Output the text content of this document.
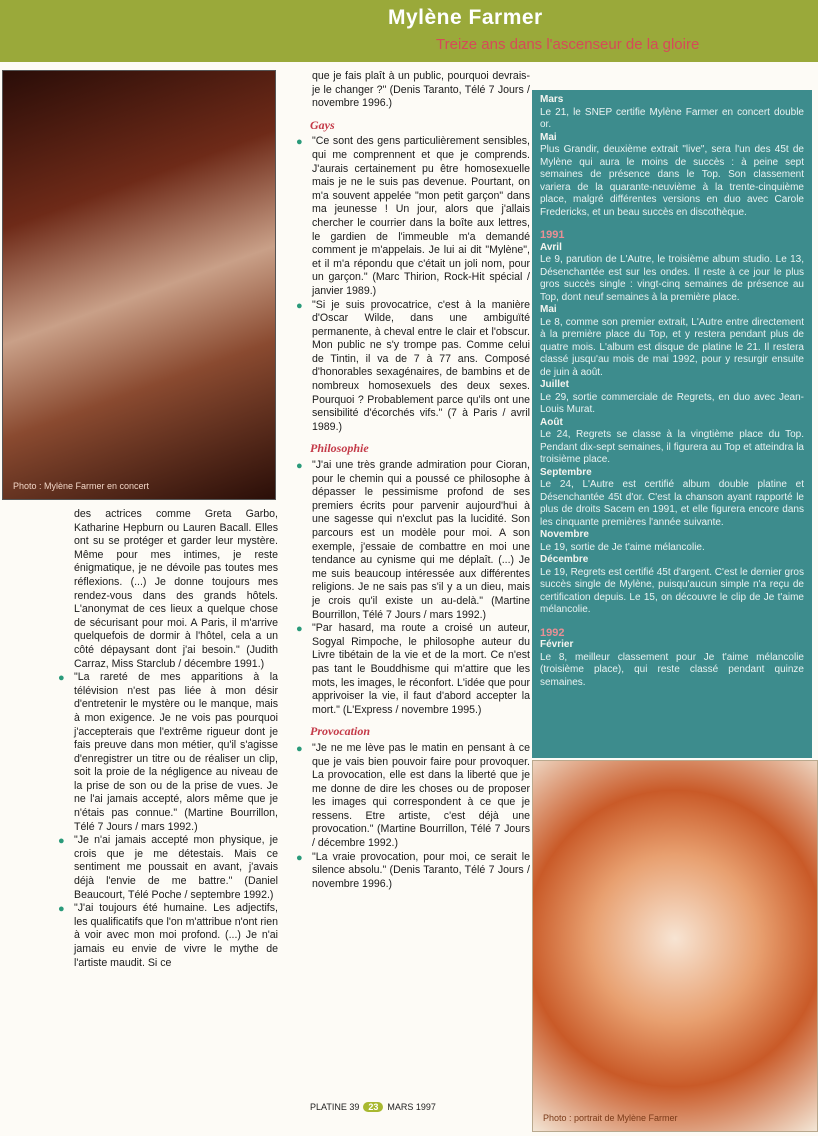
Mylène Farmer
Treize ans dans l'ascenseur de la gloire
Photo : Mylène Farmer en concert

que je fais plaît à un public, pourquoi devrais-je le changer ?" (Denis Taranto, Télé 7 Jours / novembre 1996.)

Gays
● "Ce sont des gens particulièrement sensibles, qui me comprennent et que je comprends. J'aurais certainement pu être homosexuelle mais je ne le suis pas devenue. Pourtant, on m'a souvent appelée "mon petit garçon" dans ma jeunesse ! Un jour, alors que j'allais chercher le courrier dans la boîte aux lettres, le gardien de l'immeuble m'a demandé comment je m'appelais. Je lui ai dit "Mylène", et il m'a répondu que c'était un joli nom, pour un garçon." (Marc Thirion, Rock-Hit spécial / janvier 1989.)

● "Si je suis provocatrice, c'est à la manière d'Oscar Wilde, dans une ambiguïté permanente, à cheval entre le clair et l'obscur. Mon public ne s'y trompe pas. Comme celui de Tintin, il va de 7 à 77 ans. Composé d'honorables sexagénaires, de bambins et de nombreux homosexuels des deux sexes. Pourquoi ? Probablement parce qu'ils ont une sensibilité d'écorchés vifs." (7 à Paris / avril 1989.)

Philosophie
● "J'ai une très grande admiration pour Cioran, pour le chemin qui a poussé ce philosophe à dépasser le pessimisme profond de ses premiers écrits pour parvenir aujourd'hui à une sagesse qui n'exclut pas la lucidité. Son parcours est un modèle pour moi. A son exemple, j'essaie de combattre en moi une tendance au cynisme qui me déplaît. (...) Je me suis beaucoup intéressée aux différentes religions. Je ne sais pas s'il y a un dieu, mais je crois qu'il existe un au-delà." (Martine Bourrillon, Télé 7 Jours / mars 1992.)

● "Par hasard, ma route a croisé un auteur, Sogyal Rimpoche, le philosophe auteur du Livre tibétain de la vie et de la mort. Ce n'est pas tant le Bouddhisme qui m'attire que les mots, les images, le réconfort. L'idée que pour apprivoiser la vie, il faut d'abord accepter la mort." (L'Express / novembre 1995.)

Provocation
● "Je ne me lève pas le matin en pensant à ce que je vais bien pouvoir faire pour provoquer. La provocation, elle est dans la liberté que je me donne de dire les choses ou de proposer les images qui correspondent à ce que je ressens. Etre artiste, c'est déjà une provocation." (Martine Bourrillon, Télé 7 Jours / décembre 1992.)

● "La vraie provocation, pour moi, ce serait le silence absolu." (Denis Taranto, Télé 7 Jours / novembre 1996.)

des actrices comme Greta Garbo, Katharine Hepburn ou Lauren Bacall. Elles ont su se protéger et garder leur mystère. Même pour mes intimes, je reste énigmatique, je ne dévoile pas toutes mes réflexions. (...) Je donne toujours mes rendez-vous dans des grands hôtels. L'anonymat de ces lieux a quelque chose de sécurisant pour moi. A Paris, il m'arrive quelquefois de dormir à l'hôtel, cela a un côté dépaysant dont j'ai besoin." (Judith Carraz, Miss Starclub / décembre 1991.)

● "La rareté de mes apparitions à la télévision n'est pas liée à mon désir d'entretenir le mystère ou le manque, mais à mon exigence. Je ne vois pas pourquoi j'accepterais que l'extrême rigueur dont je fais preuve dans mon métier, qu'il s'agisse d'enregistrer un titre ou de réaliser un clip, soit la proie de la négligence au niveau de la prise de son ou de la prise de vues. Je ne l'ai jamais accepté, alors même que je n'étais pas connue." (Martine Bourrillon, Télé 7 Jours / mars 1992.)

● "Je n'ai jamais accepté mon physique, je crois que je me détestais. Mais ce sentiment me poussait en avant, j'avais déjà l'envie de me battre." (Daniel Beaucourt, Télé Poche / septembre 1992.)

● "J'ai toujours été humaine. Les adjectifs, les qualificatifs que l'on m'attribue n'ont rien à voir avec mon moi profond. (...) Je n'ai jamais eu envie de vivre le mythe de l'artiste maudit. Si ce

Mars

Le 21, le SNEP certifie Mylène Farmer en concert double or.

Mai

Plus Grandir, deuxième extrait "live", sera l'un des 45t de Mylène qui aura le moins de succès : à peine sept semaines de présence dans le Top. Son classement variera de la quarante-neuvième à la trente-cinquième place, malgré différentes versions en duo avec Carole Fredericks, et un beau succès en discothèque.

1991
Avril

Le 9, parution de L'Autre, le troisième album studio. Le 13, Désenchantée est sur les ondes. Il reste à ce jour le plus gros succès single : vingt-cinq semaines de présence au Top, dont neuf semaines à la première place.

Mai

Le 8, comme son premier extrait, L'Autre entre directement à la première place du Top, et y restera pendant plus de quatre mois. L'album est disque de platine le 21. Il restera classé jusqu'au mois de mai 1992, pour y resurgir ensuite de juin à août.

Juillet

Le 29, sortie commerciale de Regrets, en duo avec Jean-Louis Murat.

Août

Le 24, Regrets se classe à la vingtième place du Top. Pendant dix-sept semaines, il figurera au Top et atteindra la troisième place.

Septembre

Le 24, L'Autre est certifié album double platine et Désenchantée 45t d'or. C'est la chanson ayant rapporté le plus de droits Sacem en 1991, et elle figurera encore dans les cinquante premières l'année suivante.

Novembre

Le 19, sortie de Je t'aime mélancolie.

Décembre

Le 19, Regrets est certifié 45t d'argent. C'est le dernier gros succès single de Mylène, puisqu'aucun simple n'a reçu de certification depuis. Le 15, on découvre le clip de Je t'aime mélancolie.

1992
Février

Le 8, meilleur classement pour Je t'aime mélancolie (troisième place), qui reste classé pendant quinze semaines.

Photo : portrait de Mylène Farmer
PLATINE 39 23 MARS 1997
